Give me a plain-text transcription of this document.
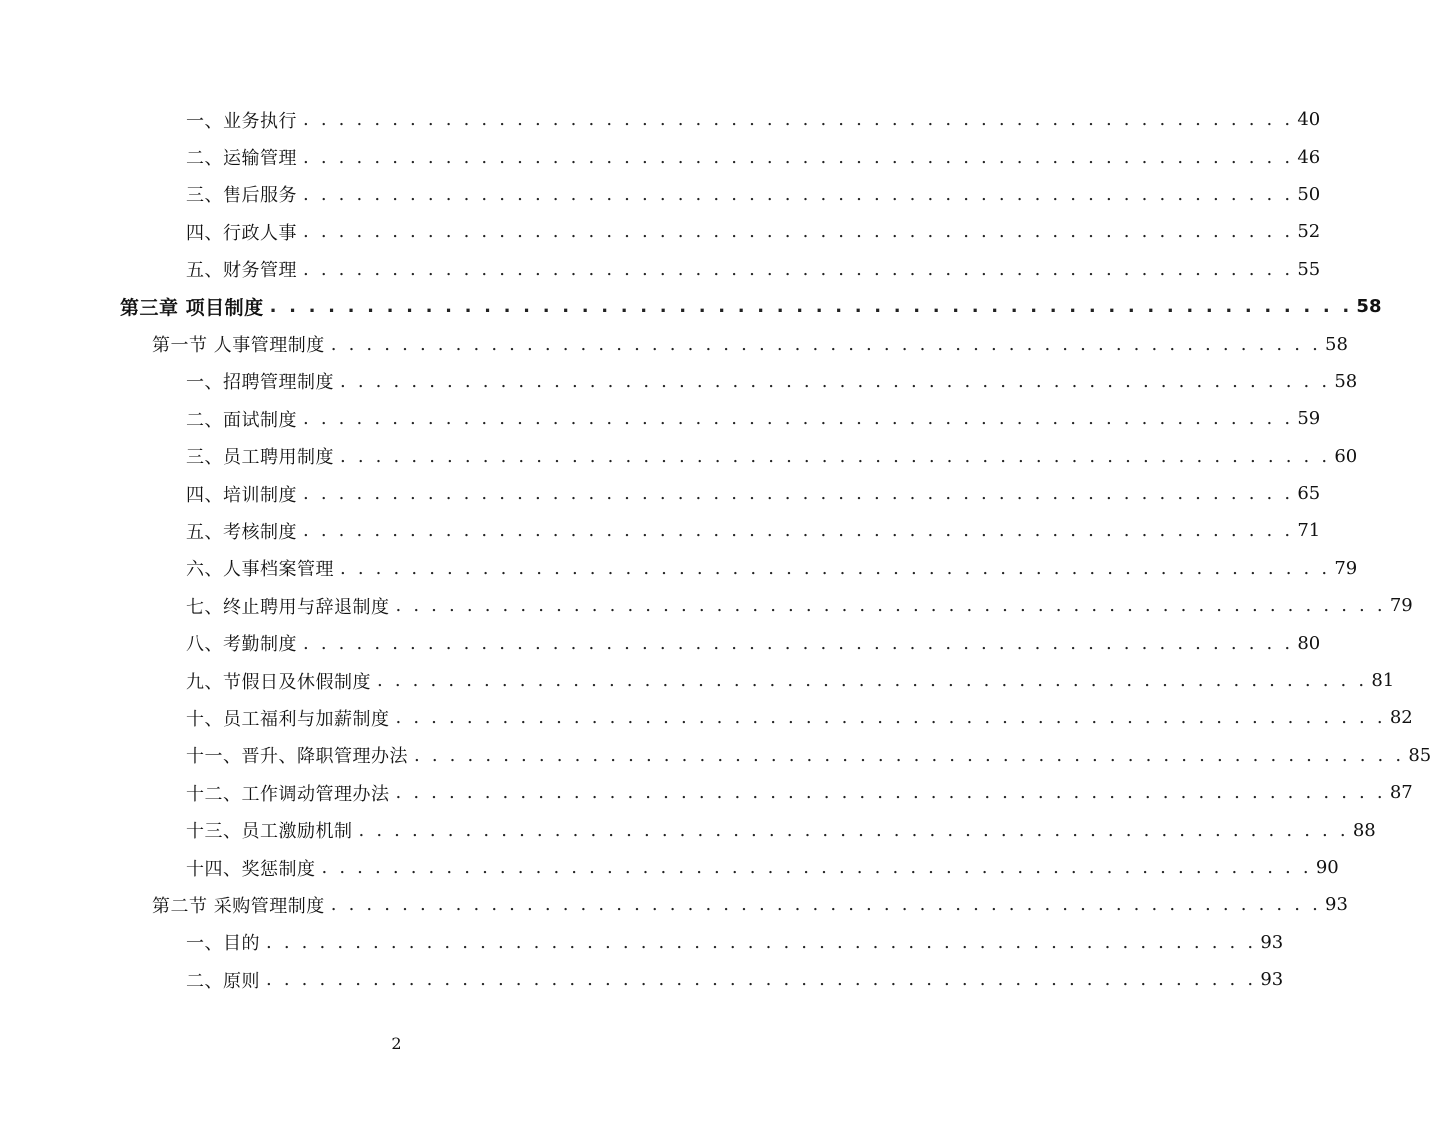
一、业务执行 . . . . . . . . . . . . . . . . . . . . . . . . . . . . . . . . . . . . . . . . . . . . . . . . . . . . . . . . 40
二、运输管理 . . . . . . . . . . . . . . . . . . . . . . . . . . . . . . . . . . . . . . . . . . . . . . . . . . . . . . . . 46
三、售后服务 . . . . . . . . . . . . . . . . . . . . . . . . . . . . . . . . . . . . . . . . . . . . . . . . . . . . . . . . 50
四、行政人事 . . . . . . . . . . . . . . . . . . . . . . . . . . . . . . . . . . . . . . . . . . . . . . . . . . . . . . . . 52
五、财务管理 . . . . . . . . . . . . . . . . . . . . . . . . . . . . . . . . . . . . . . . . . . . . . . . . . . . . . . . . 55
第三章 项目制度 . . . . . . . . . . . . . . . . . . . . . . . . . . . . . . . . . . . . . . . . . . . . . . . . . . . . . . . . 58
第一节 人事管理制度 . . . . . . . . . . . . . . . . . . . . . . . . . . . . . . . . . . . . . . . . . . . . . . . . . . . . . . . . 58
一、招聘管理制度 . . . . . . . . . . . . . . . . . . . . . . . . . . . . . . . . . . . . . . . . . . . . . . . . . . . . . . . . 58
二、面试制度 . . . . . . . . . . . . . . . . . . . . . . . . . . . . . . . . . . . . . . . . . . . . . . . . . . . . . . . . 59
三、员工聘用制度 . . . . . . . . . . . . . . . . . . . . . . . . . . . . . . . . . . . . . . . . . . . . . . . . . . . . . . . . 60
四、培训制度 . . . . . . . . . . . . . . . . . . . . . . . . . . . . . . . . . . . . . . . . . . . . . . . . . . . . . . . . 65
五、考核制度 . . . . . . . . . . . . . . . . . . . . . . . . . . . . . . . . . . . . . . . . . . . . . . . . . . . . . . . . 71
六、人事档案管理 . . . . . . . . . . . . . . . . . . . . . . . . . . . . . . . . . . . . . . . . . . . . . . . . . . . . . . . . 79
七、终止聘用与辞退制度 . . . . . . . . . . . . . . . . . . . . . . . . . . . . . . . . . . . . . . . . . . . . . . . . . . . . . . . . 79
八、考勤制度 . . . . . . . . . . . . . . . . . . . . . . . . . . . . . . . . . . . . . . . . . . . . . . . . . . . . . . . . 80
九、节假日及休假制度 . . . . . . . . . . . . . . . . . . . . . . . . . . . . . . . . . . . . . . . . . . . . . . . . . . . . . . . . 81
十、员工福利与加薪制度 . . . . . . . . . . . . . . . . . . . . . . . . . . . . . . . . . . . . . . . . . . . . . . . . . . . . . . . . 82
十一、晋升、降职管理办法 . . . . . . . . . . . . . . . . . . . . . . . . . . . . . . . . . . . . . . . . . . . . . . . . . . . . . . . . 85
十二、工作调动管理办法 . . . . . . . . . . . . . . . . . . . . . . . . . . . . . . . . . . . . . . . . . . . . . . . . . . . . . . . . 87
十三、员工激励机制 . . . . . . . . . . . . . . . . . . . . . . . . . . . . . . . . . . . . . . . . . . . . . . . . . . . . . . . . 88
十四、奖惩制度 . . . . . . . . . . . . . . . . . . . . . . . . . . . . . . . . . . . . . . . . . . . . . . . . . . . . . . . . 90
第二节 采购管理制度 . . . . . . . . . . . . . . . . . . . . . . . . . . . . . . . . . . . . . . . . . . . . . . . . . . . . . . . . 93
一、目的 . . . . . . . . . . . . . . . . . . . . . . . . . . . . . . . . . . . . . . . . . . . . . . . . . . . . . . . . 93
二、原则 . . . . . . . . . . . . . . . . . . . . . . . . . . . . . . . . . . . . . . . . . . . . . . . . . . . . . . . . 93
2
